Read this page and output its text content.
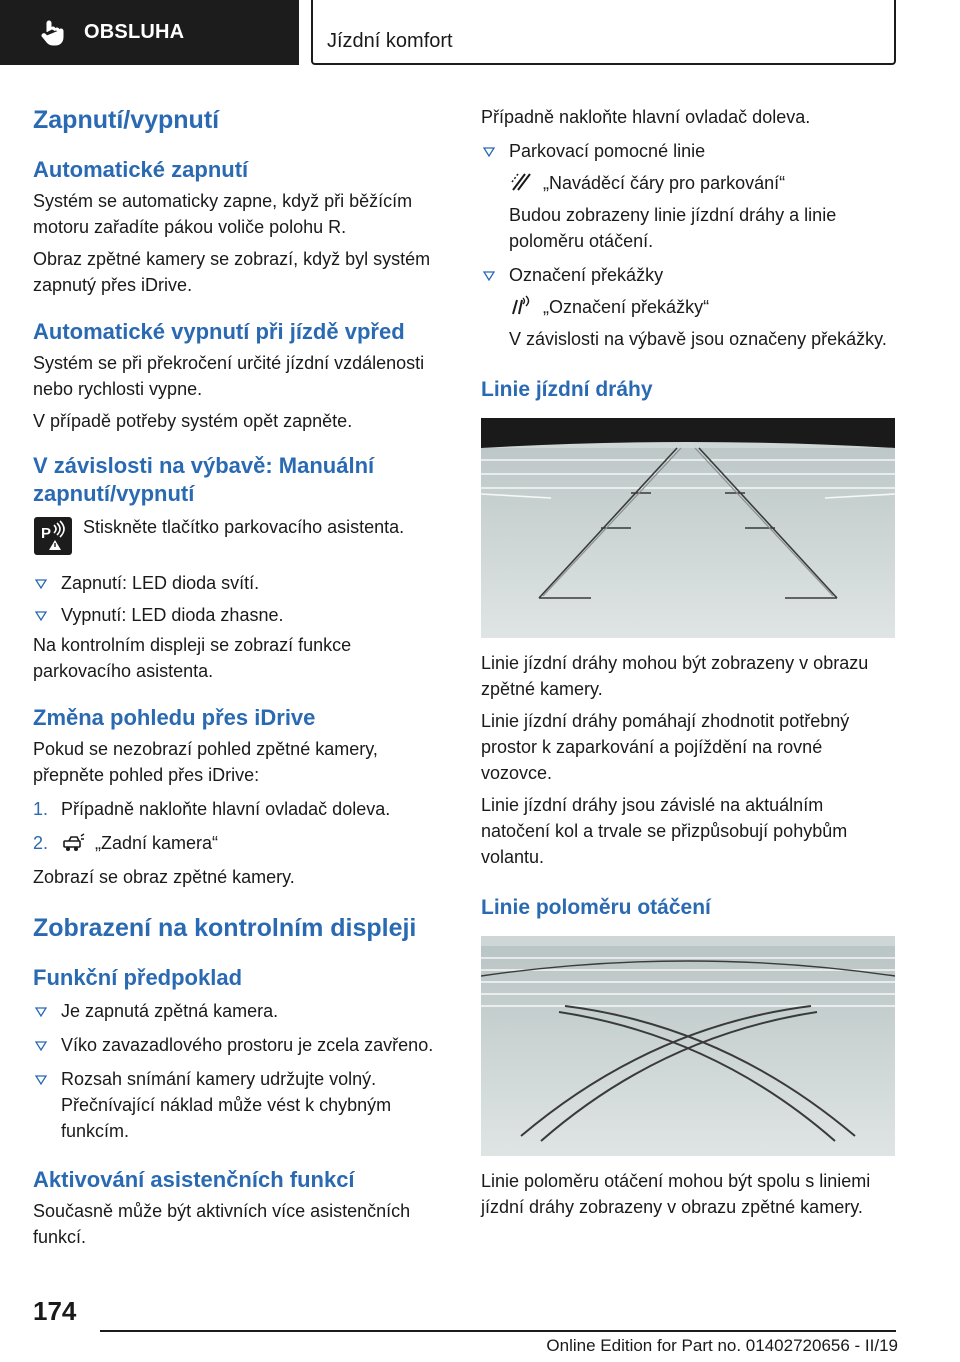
OBSLUHA	Jízdní komfort
Zapnutí/vypnutí
Automatické zapnutí
Systém se automaticky zapne, když při běžícím motoru zařadíte pákou voliče polohu R.
Obraz zpětné kamery se zobrazí, když byl systém zapnutý přes iDrive.
Automatické vypnutí při jízdě vpřed
Systém se při překročení určité jízdní vzdálenosti nebo rychlosti vypne.
V případě potřeby systém opět zapněte.
V závislosti na výbavě: Manuální zapnutí/vypnutí
P Stiskněte tlačítko parkovacího asistenta.
Zapnutí: LED dioda svítí.
Vypnutí: LED dioda zhasne.
Na kontrolním displeji se zobrazí funkce parkovacího asistenta.
Změna pohledu přes iDrive
Pokud se nezobrazí pohled zpětné kamery, přepněte pohled přes iDrive:
1. Případně nakloňte hlavní ovladač doleva.
2.	„Zadní kamera“
Zobrazí se obraz zpětné kamery.
Zobrazení na kontrolním displeji
Funkční předpoklad
Je zapnutá zpětná kamera.
Víko zavazadlového prostoru je zcela zavřeno.
Rozsah snímání kamery udržujte volný. Přečnívající náklad může vést k chybným funkcím.
Aktivování asistenčních funkcí
Současně může být aktivních více asistenčních funkcí.
Případně nakloňte hlavní ovladač doleva.
Parkovací pomocné linie
„Naváděcí čáry pro parkování“
Budou zobrazeny linie jízdní dráhy a linie poloměru otáčení.
Označení překážky
„Označení překážky“
V závislosti na výbavě jsou označeny překážky.
Linie jízdní dráhy
Linie jízdní dráhy mohou být zobrazeny v obrazu zpětné kamery.
Linie jízdní dráhy pomáhají zhodnotit potřebný prostor k zaparkování a pojíždění na rovné vozovce.
Linie jízdní dráhy jsou závislé na aktuálním natočení kol a trvale se přizpůsobují pohybům volantu.
Linie poloměru otáčení
Linie poloměru otáčení mohou být spolu s liniemi jízdní dráhy zobrazeny v obrazu zpětné kamery.
174
Online Edition for Part no. 01402720656 - II/19
